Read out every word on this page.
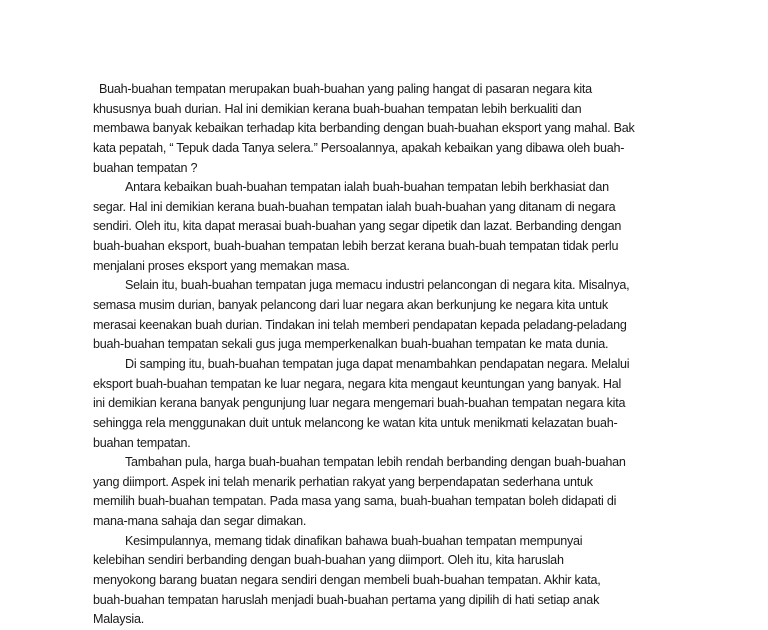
Buah-buahan tempatan merupakan buah-buahan yang paling hangat di pasaran negara kita
khususnya buah durian. Hal ini demikian kerana buah-buahan tempatan lebih berkualiti dan
membawa banyak kebaikan terhadap kita berbanding dengan buah-buahan eksport yang mahal. Bak
kata pepatah, “ Tepuk dada Tanya selera.” Persoalannya, apakah kebaikan yang dibawa oleh buah-
buahan tempatan ?
Antara kebaikan buah-buahan tempatan ialah buah-buahan tempatan lebih berkhasiat dan
segar. Hal ini demikian kerana buah-buahan tempatan ialah buah-buahan yang ditanam di negara
sendiri. Oleh itu, kita dapat merasai buah-buahan yang segar dipetik dan lazat. Berbanding dengan
buah-buahan eksport, buah-buahan tempatan lebih berzat kerana buah-buah tempatan tidak perlu
menjalani proses eksport yang memakan masa.
Selain itu, buah-buahan tempatan juga memacu industri pelancongan di negara kita. Misalnya,
semasa musim durian, banyak pelancong dari luar negara akan berkunjung ke negara kita untuk
merasai keenakan buah durian. Tindakan ini telah memberi pendapatan kepada peladang-peladang
buah-buahan tempatan sekali gus juga memperkenalkan buah-buahan tempatan ke mata dunia.
Di samping itu, buah-buahan tempatan juga dapat menambahkan pendapatan negara. Melalui
eksport buah-buahan tempatan ke luar negara, negara kita mengaut keuntungan yang banyak. Hal
ini demikian kerana banyak pengunjung luar negara mengemari buah-buahan tempatan negara kita
sehingga rela menggunakan duit untuk melancong ke watan kita untuk menikmati kelazatan buah-
buahan tempatan.
Tambahan pula, harga buah-buahan tempatan lebih rendah berbanding dengan buah-buahan
yang diimport. Aspek ini telah menarik perhatian rakyat yang berpendapatan sederhana untuk
memilih buah-buahan tempatan. Pada masa yang sama, buah-buahan tempatan boleh didapati di
mana-mana sahaja dan segar dimakan.
Kesimpulannya, memang tidak dinafikan bahawa buah-buahan tempatan mempunyai
kelebihan sendiri berbanding dengan buah-buahan yang diimport. Oleh itu, kita haruslah
menyokong barang buatan negara sendiri dengan membeli buah-buahan tempatan. Akhir kata,
buah-buahan tempatan haruslah menjadi buah-buahan pertama yang dipilih di hati setiap anak
Malaysia.
